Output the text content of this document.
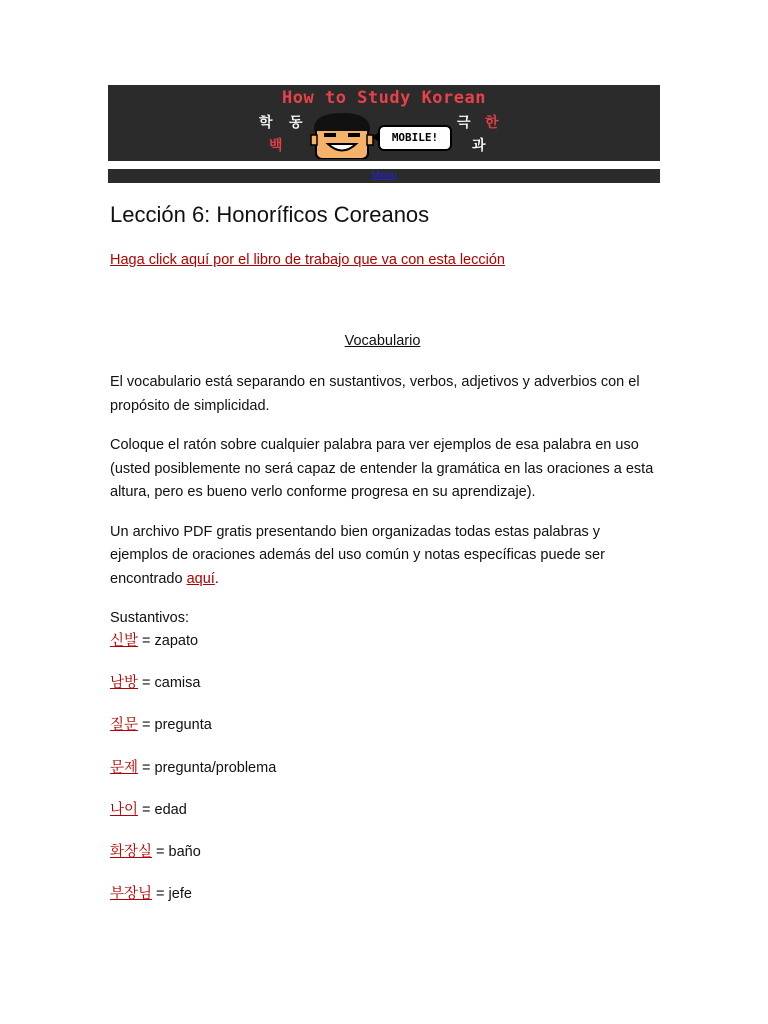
How to Study Korean
학 동
백
극 한
과
MOBILE!
Menu
Lección 6: Honoríficos Coreanos
Haga click aquí por el libro de trabajo que va con esta lección
Vocabulario

El vocabulario está separando en sustantivos, verbos, adjetivos y adverbios con el propósito de simplicidad.

Coloque el ratón sobre cualquier palabra para ver ejemplos de esa palabra en uso (usted posiblemente no será capaz de entender la gramática en las oraciones a esta altura, pero es bueno verlo conforme progresa en su aprendizaje).

Un archivo PDF gratis presentando bien organizadas todas estas palabras y ejemplos de oraciones además del uso común y notas específicas puede ser encontrado aquí.

Sustantivos:
신발 = zapato
남방 = camisa
질문 = pregunta
문제 = pregunta/problema
나이 = edad
화장실 = baño
부장님 = jefe
